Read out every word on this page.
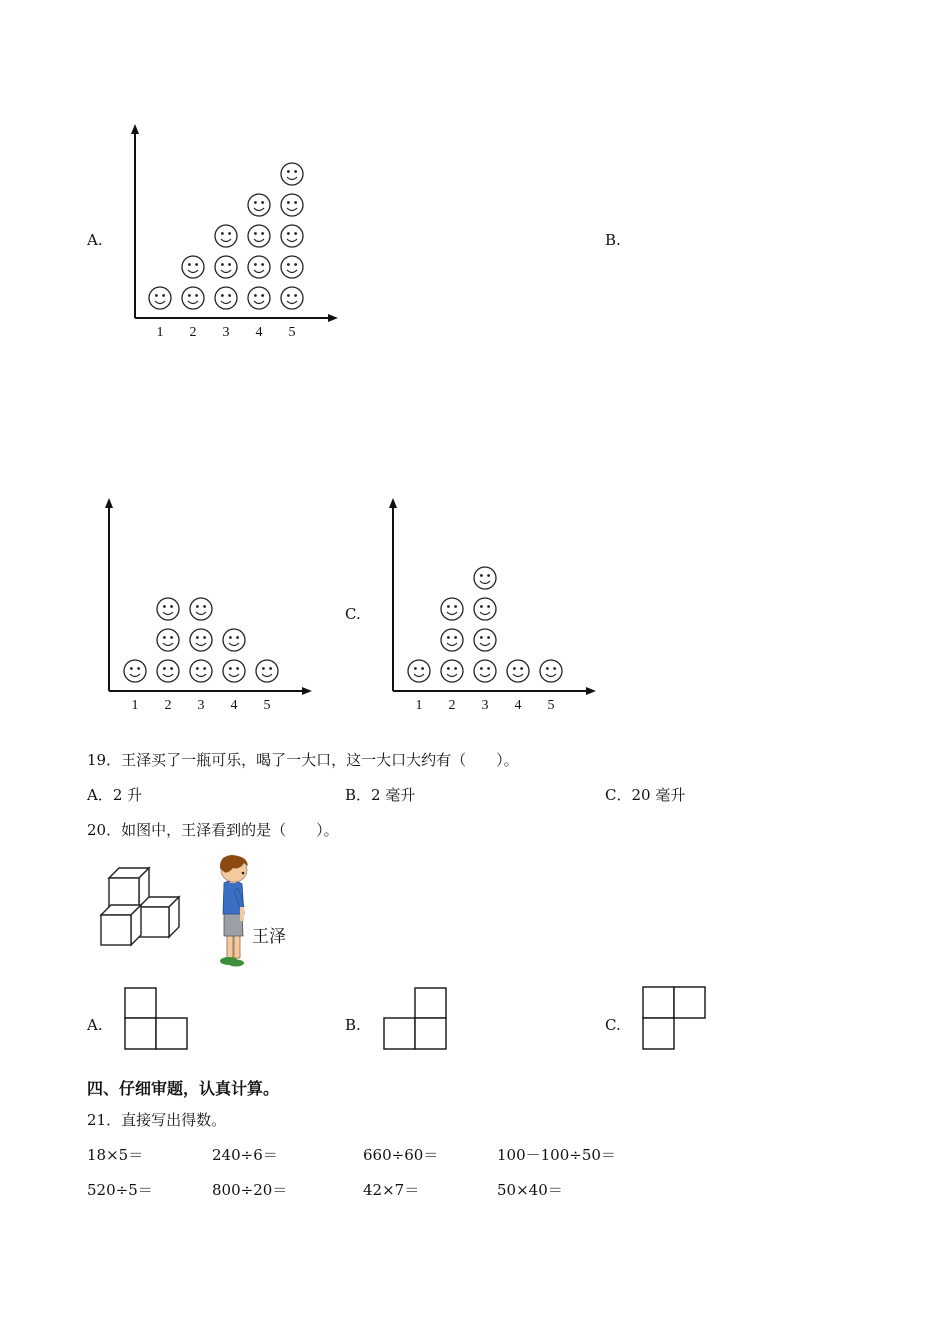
A.
1 2 3 4 5
B.
1 2 3 4 5
C.
1 2 3 4 5
19．王泽买了一瓶可乐，喝了一大口，这一大口大约有（　　）。
A．2 升	B．2 毫升	C．20 毫升
20．如图中，王泽看到的是（　　）。
王泽
A.	B.	C.
四、仔细审题，认真计算。
21．直接写出得数。
18×5＝	240÷6＝	660÷60＝	100－100÷50＝
520÷5＝	800÷20＝	42×7＝	50×40＝
